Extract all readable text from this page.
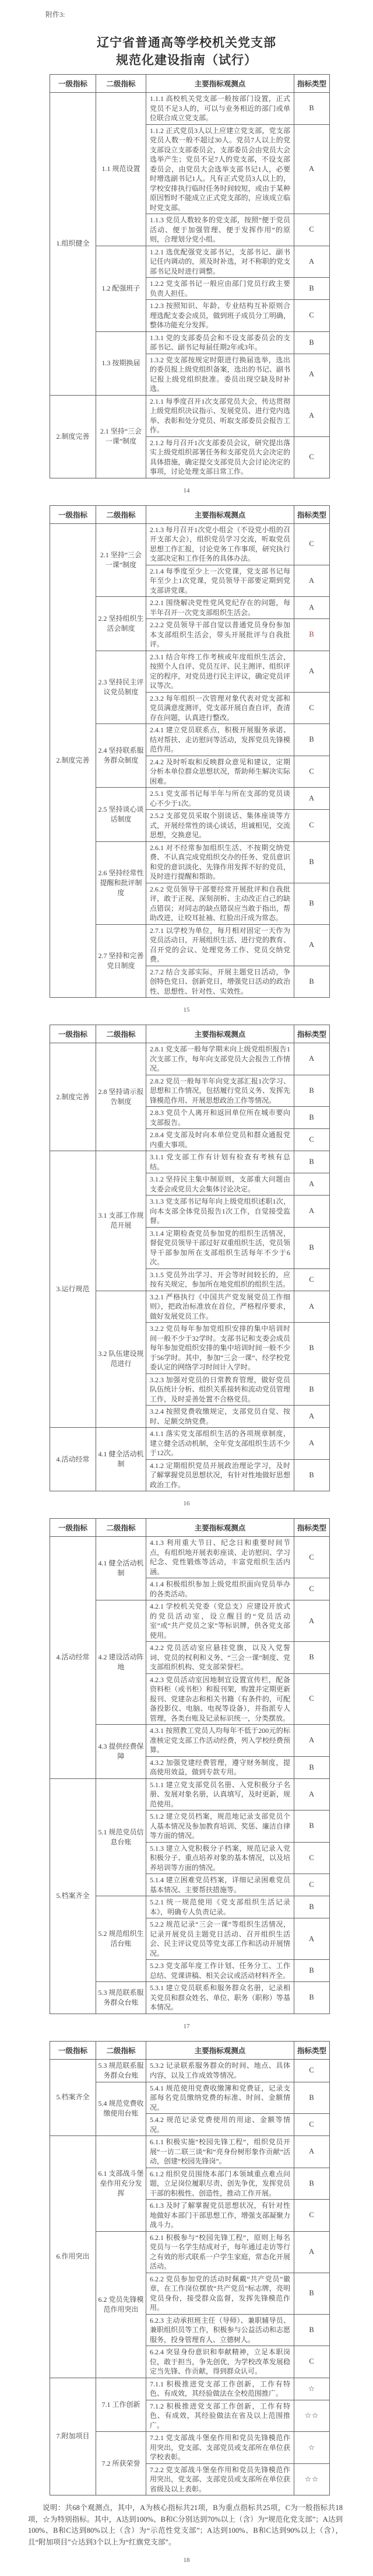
附件3:
辽宁省普通高等学校机关党支部
规范化建设指南（试行）
一级指标	二级指标	主要指标观测点	指标类型
1.组织健全	1.1 规范设置	1.1.1 高校机关党支部一般按部门设置，正式党员不足3人的，可以与业务相近的部门或单位联合成立党支部。	B
		1.1.2 正式党员3人以上应建立党支部，党支部党员人数一般不超过30人。党员7人以上的党支部设立支部委员会，支部委员会由党员大会选举产生；党员不足7人的党支部，不设支部委员会，由党员大会选举支部书记1人，必要时增选副书记1人。凡有正式党员3人以上的，学校安排执行临时任务时间较短，或由于某种原因暂时不能成立正式党支部的，应该成立临时党支部。	A
		1.1.3 党员人数较多的党支部，按照“便于党员活动、便于加强管理、便于发挥作用”的原则，合理划分党小组。	C
	1.2 配强班子	1.2.1 选优配强党支部书记，支部书记、副书记任内调动的，须及时补选，对不称职的党支部书记及时进行调整。	A
		1.2.2 党支部书记一般应由部门党员行政主要负责人担任。	B
		1.2.3 按照知识、年龄、专业结构互补原则合理选配支委会成员，做到班子成员分工明确，整体功能充分发挥。	C
	1.3 按期换届	1.3.1 党的支部委员会和不设支部委员会的支部书记、副书记每届任期2年或3年。	B
		1.3.2 党支部按规定时限进行换届选举，选出的委员报上级党组织备案，选出的书记、副书记报上级党组织批准。委员出现空缺及时补选。	A
2.制度完善	2.1 坚持“三会一课”制度	2.1.1 每季度召开1次支部党员大会，传达贯彻上级党组织决议指示、发展党员、进行党内选举、表彰和处分党员、听取支部委员会报告工作。	A
		2.1.2 每月召开1次支部委员会议，研究提出落实上级党组织部署任务和支部党员大会决定的具体措施，确定提交支部党员大会讨论决定的事项，讨论处理支部日常工作。	C
14
一级指标	二级指标	主要指标观测点	指标类型
2.制度完善	2.1 坚持“三会一课”制度	2.1.3 每月召开1次党小组会（不设党小组的召开支部大会），组织党员学习交流，听取党员思想工作汇报，讨论党务工作事项，研究执行支部决定和工作任务的具体办法。	C
		2.1.4 每季度至少上一次党课，党支部书记每年至少上1次党课，党员领导干部要定期到党支部讲党课。	A
	2.2 坚持组织生活会制度	2.2.1 围绕解决党性党风党纪存在的问题，每半年召开一次党支部组织生活会。	A
		2.2.2 党员领导干部自觉以普通党员身份参加本支部组织生活会，带头开展批评与自我批评。	B
	2.3 坚持民主评议党员制度	2.3.1 结合年终工作考核或年度组织生活会，按照个人自评、党员互评、民主测评、组织评定的程序，对党员进行民主评议，确定党员评议等次。	A
		2.3.2 每年组织一次管理对象代表对党支部和党员满意度测评，党支部开展自查自评，查清存在问题，认真进行整改。	C
	2.4 坚持联系服务群众制度	2.4.1 建立党员联系点，积极开展服务承诺、结对帮扶、走访慰问等活动，发挥党员先锋模范作用。	B
		2.4.2 及时听取和反映群众意见和建议，定期分析本单位群众思想状况，帮助师生解决实际困难。	C
	2.5 坚持谈心谈话制度	2.5.1 党支部书记每半年与所在支部的党员谈心不少于1次。	A
		2.5.2 支部党员采取个别谈话、集体座谈等方式，开展经常性的谈心谈话，坦诚相见，交流思想，交换意见。	C
	2.6 坚持经常性提醒和批评制度	2.6.1 对不经常参加组织生活、不按期交纳党费、不认真完成党组织交办的任务、党员意识和党的意识淡化、先锋作用发挥不好的党员，及时进行提醒和帮助。	B
		2.6.2 党员领导干部要经常开展批评和自我批评，敢于正视、深刻剖析、主动改正自己的缺点错误；对同志的缺点错误应当敢于指出，帮助改进，让咬耳扯袖、红脸出汗成为常态。	B
	2.7 坚持和完善党日制度	2.7.1 以学校为单位，每月相对固定一天作为党员活动日，开展组织生活、进行党的教育、召开党的会议、处理党务工作、党员交纳党费。	A
		2.7.2 结合支部实际，开展主题党日活动，争创特色党日、创新党日，增强党日活动的政治性、思想性、针对性、实效性。	B
15
一级指标	二级指标	主要指标观测点	指标类型
2.制度完善	2.8 坚持请示报告制度	2.8.1 党支部一般每学期末向上级党组织报告1次支部工作，每年向支部党员大会报告工作情况。	A
		2.8.2 党员一般每半年向党支部汇报1次学习、思想和工作情况，包括履行党员义务、发挥先锋模范作用、开展思想政治工作等情况。	B
		2.8.3 党员个人离开和返回单位所在城市要向支部报告。	B
		2.8.4 党支部及时向本单位党员和群众通报党内重大事项。	C
3.运行规范	3.1 支部工作规范开展	3.1.1 党支部工作有计划有检查有考核有总结。	B
		3.1.2 坚持民主集中制原则，支部重大问题由支委会或党员大会集体讨论决定。	A
		3.1.3 党支部书记每年向上级党组织述职1次，向本支部全体党员报告1次工作，自觉接受监督。	A
		3.1.4 定期检查党员参加党的组织生活情况，督促党员领导干部过好双重组织生活，党员领导干部参加所在支部组织生活每年不少于6次。	B
		3.1.5 党员外出学习、开会等时间较长的，应按有关规定，参加所在地党组织的组织生活。	C
	3.2 队伍建设规范进行	3.2.1 严格执行《中国共产党发展党员工作细则》，把政治标准放在首位，严格程序要求，做好发展党员工作。	A
		3.2.2 党员每年参加党组织安排的集中培训时间一般不少于32学时。支部书记和支委会成员每年参加党组织安排的集中培训时间一般不少于56学时。其中，参加“三会一课”、经学校党委认定的网络学习时间计入学时。	B
		3.2.3 加强对党员的日常教育管理，做好党员队伍统计分析、组织关系接转和流动党员管理工作，及时妥善处置不合格党员。	B
		3.2.4 按照党费收缴规定，支部党员自觉、按时、足额交纳党费。	A
4.活动经常	4.1 健全活动机制	4.1.1 落实党支部组织生活的各项规章制度，建立健全活动机制，全年党支部组织生活不少于12次。	A
		4.1.2 定期组织党员开展政治理论学习，及时了解掌握党员思想状况，有针对性地做好思想政治工作。	B
16
一级指标	二级指标	主要指标观测点	指标类型
4.活动经常	4.1 健全活动机制	4.1.3 利用重大节日、纪念日和重要时间节点，有组织地开展表彰座谈、走访慰问、学习纪念、党性锻炼等活动，丰富党组织生活内涵。	C
		4.1.4 积极组织参加上级党组织面向党员举办的各类活动。	C
	4.2 建设活动阵地	4.2.1 学校机关党委（党总支）应建设开放式的党员活动室，设立醒目的“党员活动室”或“共产党员之家”等标识牌，供各党支部使用。	A
		4.2.2 党员活动室应悬挂党旗，以及入党誓词、党员的权利和义务、“三会一课”制度、党支部组织机构、党支部荣誉栏。	B
		4.2.3 党员活动室因地制宜设置宣传栏，配备资料柜（或书柜）和报刊架，购置并定期更新报刊、党建杂志和相关书籍（有条件的，可配备投影仪、电脑、电视等设备），并指派专人管理，各类台账及记录标识统一，分类摆放。	C
	4.3 提供经费保障	4.3.1 按照教工党员人均每年不低于200元的标准核定党支部工作活动经费，列入学校经费预算。	A
		4.3.2 加强党建经费管理，遵守财务制度，提高使用效益，做到专款专用。	B
5.档案齐全	5.1 规范党员信息台账	5.1.1 建立党支部党员名册、入党积极分子名册、发展对象名册，认真填写，及时更新，规范使用。	A
		5.1.2 建立党员档案，规范地记录支部党员个人基本情况及参加教育培训、奖惩、廉洁自律等方面的情况。	B
		5.1.3 建立入党积极分子档案，规范记录入党积极分子、重点培养对象的基本情况，以及培养培训等方面的情况。	C
		5.1.4 建立困难党员档案，详细记录困难党员基本情况、主要帮扶措施等。	C
	5.2 规范组织生活台账	5.2.1 统一规范使用《党支部组织生活记录本》，明确专人负责记录。	B
		5.2.2 规范记录“三会一课”等组织生活情况，记录开展党员主题党日活动、召开组织生活会、民主评议党员等党支部工作和活动开展情况。	A
		5.2.3 党支部年度工作计划、任务分工、工作总结、党课讲稿、相关会议或活动材料齐全。	B
	5.3 规范联系服务群众台账	5.3.1 建立党员联系和服务群众名册，记录相关党员和群众姓名、单位、职务（职称）等基本情况。	B
17
一级指标	二级指标	主要指标观测点	指标类型
5.档案齐全	5.3 规范联系服务群众台账	5.3.2 记录联系服务群众的时间、地点、具体内容，以及工作成效等情况。	C
	5.4 规范党费收缴使用台账	5.4.1 规范使用党费收缴簿和党费证，记录支部每名党员缴纳党费的标准、时间、金额情况。	B
		5.4.2 规范记录党费使用的用途、金额等情况。	C
6.作用突出	6.1 支部战斗堡垒作用充分发挥	6.1.1 积极实施“校园先锋工程”，组织党员开展“一访二联三谈”和“亮身份树形象作贡献”活动，创建“校园先锋岗”。	A
		6.1.2 组织党员围绕本部门本领域重点难点问题，立足岗位履职尽责、创先争优，发挥党员干部的积极性、创造性，推动工作开展。	B
		6.1.3 及时了解掌握党员思想状况，有针对性地做好本部门干部思想工作，增强支部凝聚力战斗力。	C
	6.2 党员先锋模范作用突出	6.2.1 积极参与“校园先锋工程”，原则上每名党员与一名学生结成对子，每年通过走访等行之有效的形式联系一户学生家庭，常态化开展活动。	A
		6.2.2 党员参加党的活动时佩戴“共产党员”徽章，在工作岗位摆放“共产党员”标志牌，亮明党员身份，接受群众监督，发挥先锋模范作用。	B
		6.2.3 主动承担班主任（导师）、兼职辅导员、兼职组织员等工作，积极参与公益活动和志愿服务，投身管理育人、立德树人。	B
		6.2.4 突显身份意识和奉献精神，立足本职岗位，敢于担当，争先创优，为学校改革发展稳定当先锋、作贡献，得到群众认可。	C
7.附加项目	7.1 工作创新	7.1.1 积极推进党支部工作创新，工作有特色、有成效，其经验做法在全校范围推广。	☆
		7.1.2 积极推进党支部工作创新，工作有特色、有成效，其经验做法在省及以上范围推广。	☆☆
	7.2 所获荣誉	7.2.1 党支部战斗堡垒作用和党员先锋模范作用突出，党支部、支部党员或支部所在单位获学校表彰。	☆
		7.2.2 党支部战斗堡垒作用和党员先锋模范作用突出，党支部、支部党员或支部所在单位获省级及以上表彰。	☆☆

说明：共68个观测点，其中，A为核心指标共21项，B为重点指标共25项，C为一般指标共18项，☆为特别指标。其中，A达到100%、B和C分别达到70%以上（含）为“规范化党支部”；A达到100%、B和C达到80%以上（含）为“示范性党支部”；A达到100%、B和C达到90%以上（含），且“附加项目”☆达到3个以上为“红旗党支部”。

18
